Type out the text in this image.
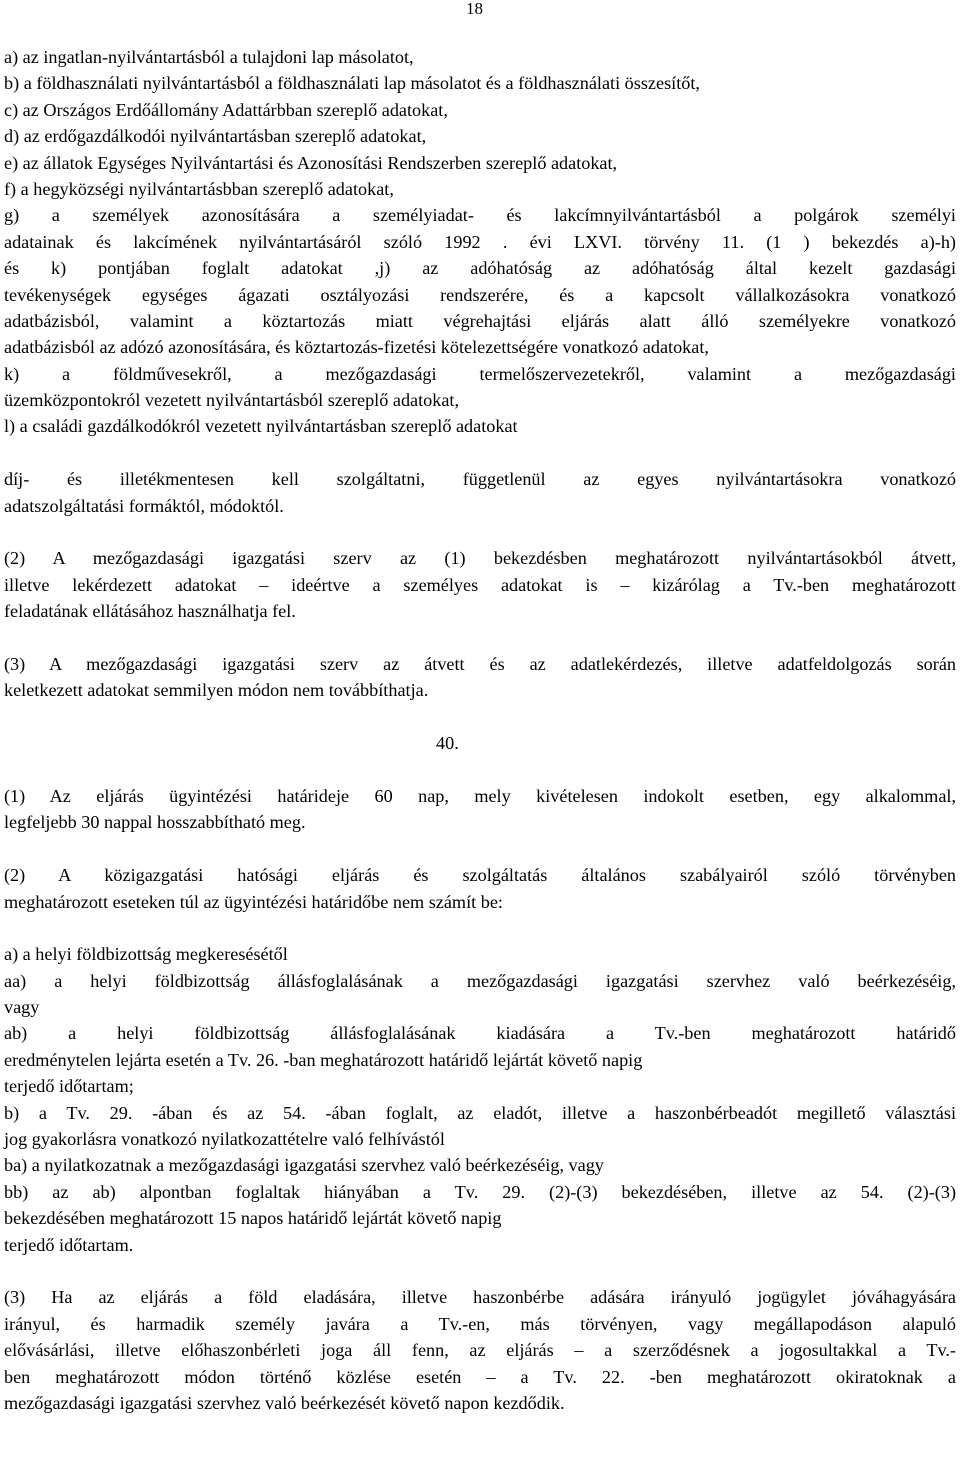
18
a) az ingatlan-nyilvántartásból a tulajdoni lap másolatot,
b) a földhasználati nyilvántartásból a földhasználati lap másolatot és a földhasználati összesítőt,
c) az Országos Erdőállomány Adattárbban szereplő adatokat,
d) az erdőgazdálkodói nyilvántartásban szereplő adatokat,
e) az állatok Egységes Nyilvántartási és Azonosítási Rendszerben szereplő adatokat,
f) a hegyközségi nyilvántartásbban szereplő adatokat,
g) a személyek azonosítására a személyiadat- és lakcímnyilvántartásból a polgárok személyi
adatainak és lakcímének nyilvántartásáról szóló 1992 . évi LXVI. törvény 11. (1 ) bekezdés a)-h)
és k) pontjában foglalt adatokat ,j) az adóhatóság az adóhatóság által kezelt gazdasági
tevékenységek egységes ágazati osztályozási rendszerére, és a kapcsolt vállalkozásokra vonatkozó
adatbázisból, valamint a köztartozás miatt végrehajtási eljárás alatt álló személyekre vonatkozó
adatbázisból az adózó azonosítására, és köztartozás-fizetési kötelezettségére vonatkozó adatokat,
k) a földművesekről, a mezőgazdasági termelőszervezetekről, valamint a mezőgazdasági
üzemközpontokról vezetett nyilvántartásból szereplő adatokat,
l) a családi gazdálkodókról vezetett nyilvántartásban szereplő adatokat
díj- és illetékmentesen kell szolgáltatni, függetlenül az egyes nyilvántartásokra vonatkozó
adatszolgáltatási formáktól, módoktól.
(2) A mezőgazdasági igazgatási szerv az (1) bekezdésben meghatározott nyilvántartásokból átvett,
illetve lekérdezett adatokat – ideértve a személyes adatokat is – kizárólag a Tv.-ben meghatározott
feladatának ellátásához használhatja fel.
(3) A mezőgazdasági igazgatási szerv az átvett és az adatlekérdezés, illetve adatfeldolgozás során
keletkezett adatokat semmilyen módon nem továbbíthatja.
40.
(1) Az eljárás ügyintézési határideje 60 nap, mely kivételesen indokolt esetben, egy alkalommal,
legfeljebb 30 nappal hosszabbítható meg.
(2) A közigazgatási hatósági eljárás és szolgáltatás általános szabályairól szóló törvényben
meghatározott eseteken túl az ügyintézési határidőbe nem számít be:
a) a helyi földbizottság megkeresésétől
aa) a helyi földbizottság állásfoglalásának a mezőgazdasági igazgatási szervhez való beérkezéséig,
vagy
ab) a helyi földbizottság állásfoglalásának kiadására a Tv.-ben meghatározott határidő
eredménytelen lejárta esetén a Tv. 26. -ban meghatározott határidő lejártát követő napig
terjedő időtartam;
b) a Tv. 29. -ában és az 54. -ában foglalt, az eladót, illetve a haszonbérbeadót megillető választási
jog gyakorlásra vonatkozó nyilatkozattételre való felhívástól
ba) a nyilatkozatnak a mezőgazdasági igazgatási szervhez való beérkezéséig, vagy
bb) az ab) alpontban foglaltak hiányában a Tv. 29. (2)-(3) bekezdésében, illetve az 54. (2)-(3)
bekezdésében meghatározott 15 napos határidő lejártát követő napig
terjedő időtartam.
(3) Ha az eljárás a föld eladására, illetve haszonbérbe adására irányuló jogügylet jóváhagyására
irányul, és harmadik személy javára a Tv.-en, más törvényen, vagy megállapodáson alapuló
elővásárlási, illetve előhaszonbérleti joga áll fenn, az eljárás – a szerződésnek a jogosultakkal a Tv.-
ben meghatározott módon történő közlése esetén – a Tv. 22. -ben meghatározott okiratoknak a
mezőgazdasági igazgatási szervhez való beérkezését követő napon kezdődik.
